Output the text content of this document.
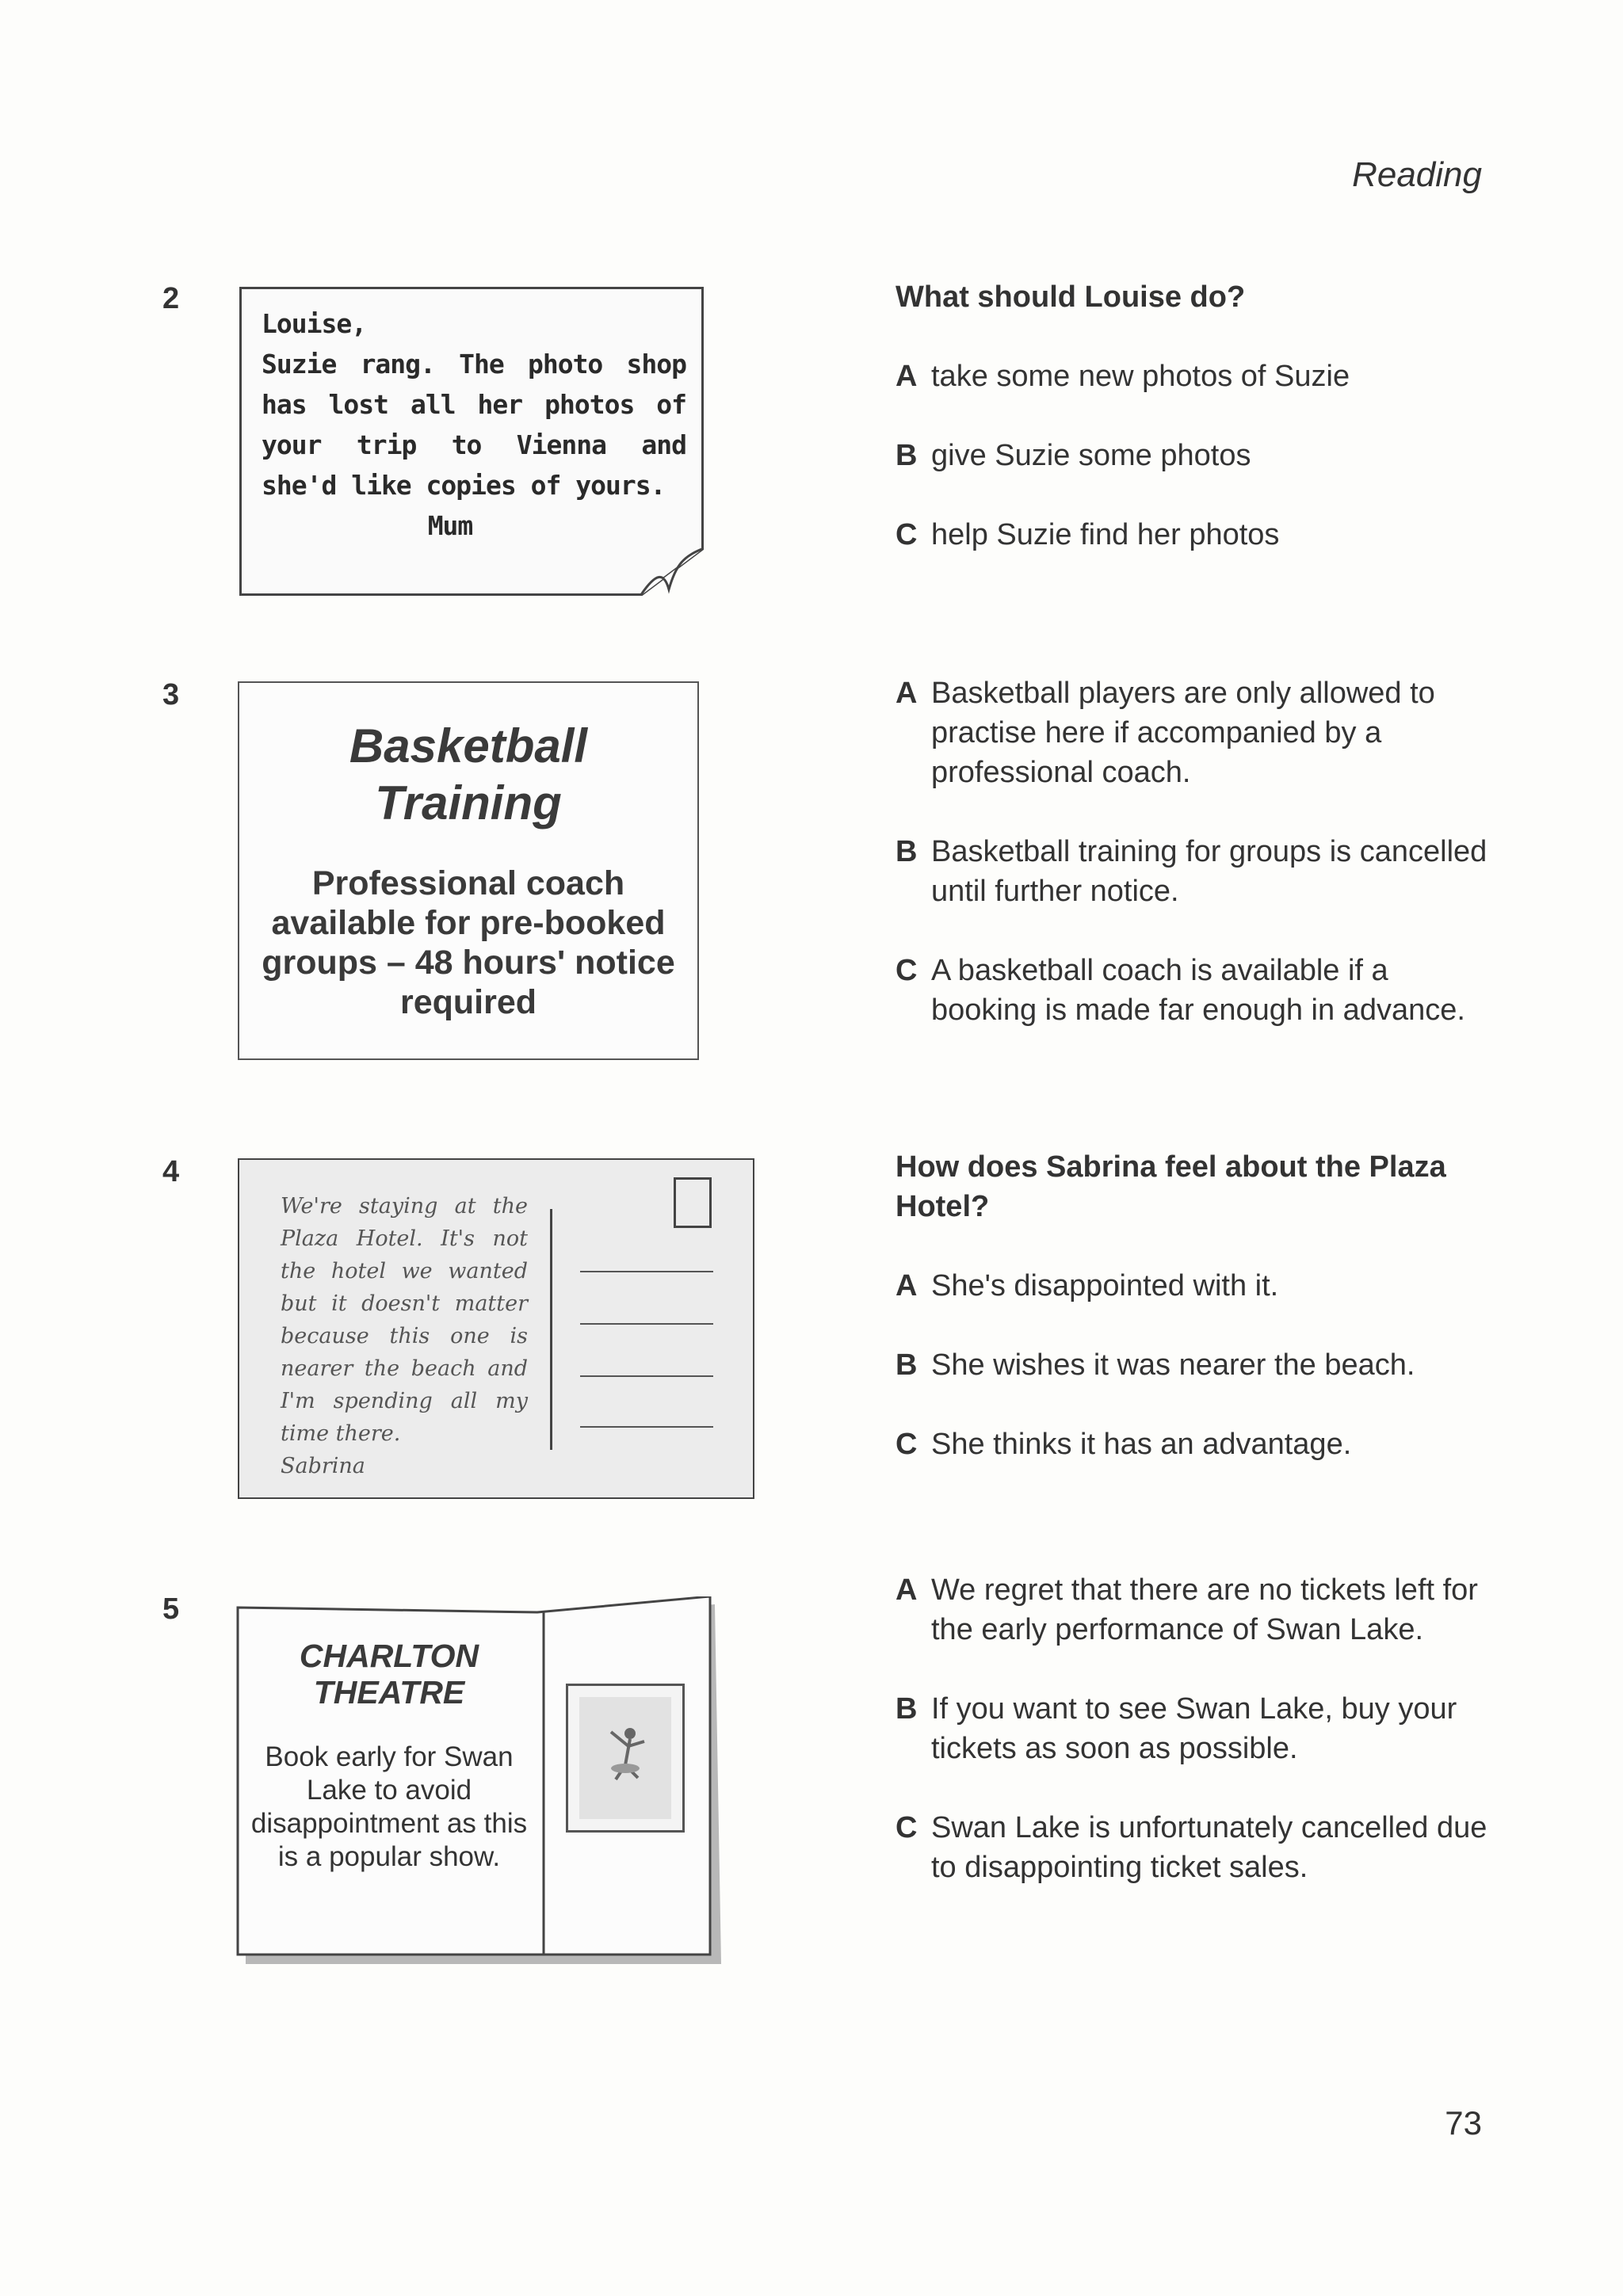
Reading
2
Louise,
Suzie rang. The photo shop has lost all her photos of your trip to Vienna and she'd like copies of yours.
Mum
What should Louise do?
A take some new photos of Suzie
B give Suzie some photos
C help Suzie find her photos
3
Basketball
Training
Professional coach available for pre-booked groups – 48 hours' notice required
A Basketball players are only allowed to practise here if accompanied by a professional coach.
B Basketball training for groups is cancelled until further notice.
C A basketball coach is available if a booking is made far enough in advance.
4
We're staying at the Plaza Hotel. It's not the hotel we wanted but it doesn't matter because this one is nearer the beach and I'm spending all my time there.
Sabrina
How does Sabrina feel about the Plaza Hotel?
A She's disappointed with it.
B She wishes it was nearer the beach.
C She thinks it has an advantage.
5
CHARLTON
THEATRE
Book early for Swan Lake to avoid disappointment as this is a popular show.
A We regret that there are no tickets left for the early performance of Swan Lake.
B If you want to see Swan Lake, buy your tickets as soon as possible.
C Swan Lake is unfortunately cancelled due to disappointing ticket sales.
73
